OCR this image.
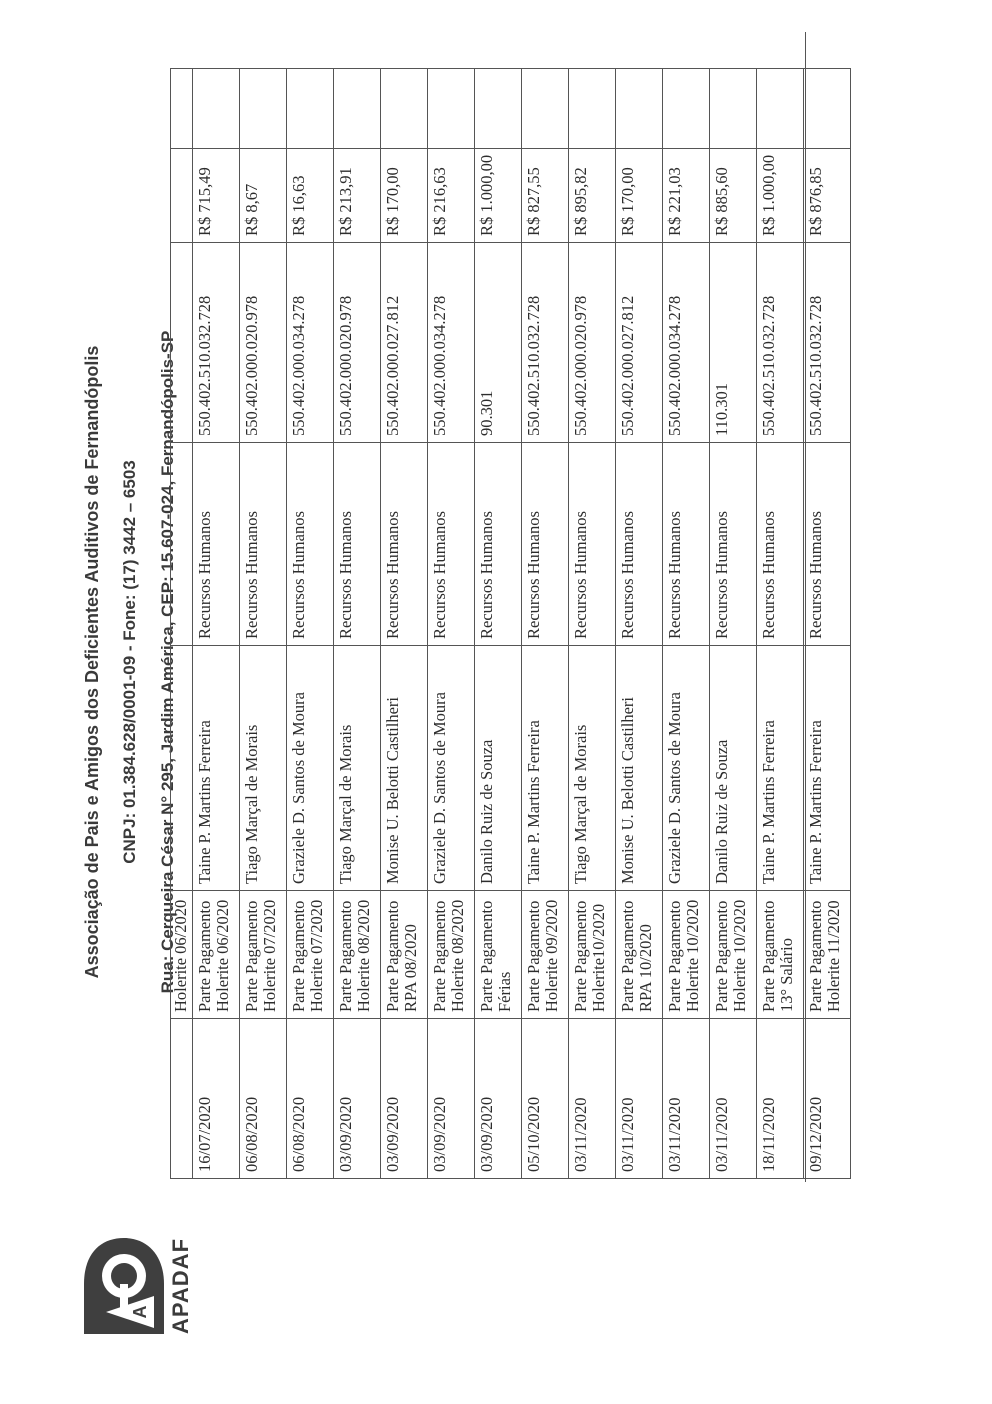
A APADAF
Associação de Pais e Amigos dos Deficientes Auditivos de Fernandópolis CNPJ: 01.384.628/0001-09 - Fone: (17) 3442 – 6503 Rua: Cerqueira César N° 295, Jardim América, CEP: 15.607-024, Fernandópolis-SP
	Holerite 06/2020					
16/07/2020	Parte Pagamento Holerite 06/2020	Taine P. Martins Ferreira	Recursos Humanos	550.402.510.032.728	R$ 715,49	
06/08/2020	Parte Pagamento Holerite 07/2020	Tiago Marçal de Morais	Recursos Humanos	550.402.000.020.978	R$ 8,67	
06/08/2020	Parte Pagamento Holerite 07/2020	Graziele D. Santos de Moura	Recursos Humanos	550.402.000.034.278	R$ 16,63	
03/09/2020	Parte Pagamento Holerite 08/2020	Tiago Marçal de Morais	Recursos Humanos	550.402.000.020.978	R$ 213,91	
03/09/2020	Parte Pagamento RPA 08/2020	Monise U. Belotti Castilheri	Recursos Humanos	550.402.000.027.812	R$ 170,00	
03/09/2020	Parte Pagamento Holerite 08/2020	Graziele D. Santos de Moura	Recursos Humanos	550.402.000.034.278	R$ 216,63	
03/09/2020	Parte Pagamento Férias	Danilo Ruiz de Souza	Recursos Humanos	90.301	R$ 1.000,00	
05/10/2020	Parte Pagamento Holerite 09/2020	Taine P. Martins Ferreira	Recursos Humanos	550.402.510.032.728	R$ 827,55	
03/11/2020	Parte Pagamento Holerite10/2020	Tiago Marçal de Morais	Recursos Humanos	550.402.000.020.978	R$ 895,82	
03/11/2020	Parte Pagamento RPA 10/2020	Monise U. Belotti Castilheri	Recursos Humanos	550.402.000.027.812	R$ 170,00	
03/11/2020	Parte Pagamento Holerite 10/2020	Graziele D. Santos de Moura	Recursos Humanos	550.402.000.034.278	R$ 221,03	
03/11/2020	Parte Pagamento Holerite 10/2020	Danilo Ruiz de Souza	Recursos Humanos	110.301	R$ 885,60	
18/11/2020	Parte Pagamento 13° Salário	Taine P. Martins Ferreira	Recursos Humanos	550.402.510.032.728	R$ 1.000,00	
09/12/2020	Parte Pagamento Holerite 11/2020	Taine P. Martins Ferreira	Recursos Humanos	550.402.510.032.728	R$ 876,85	
